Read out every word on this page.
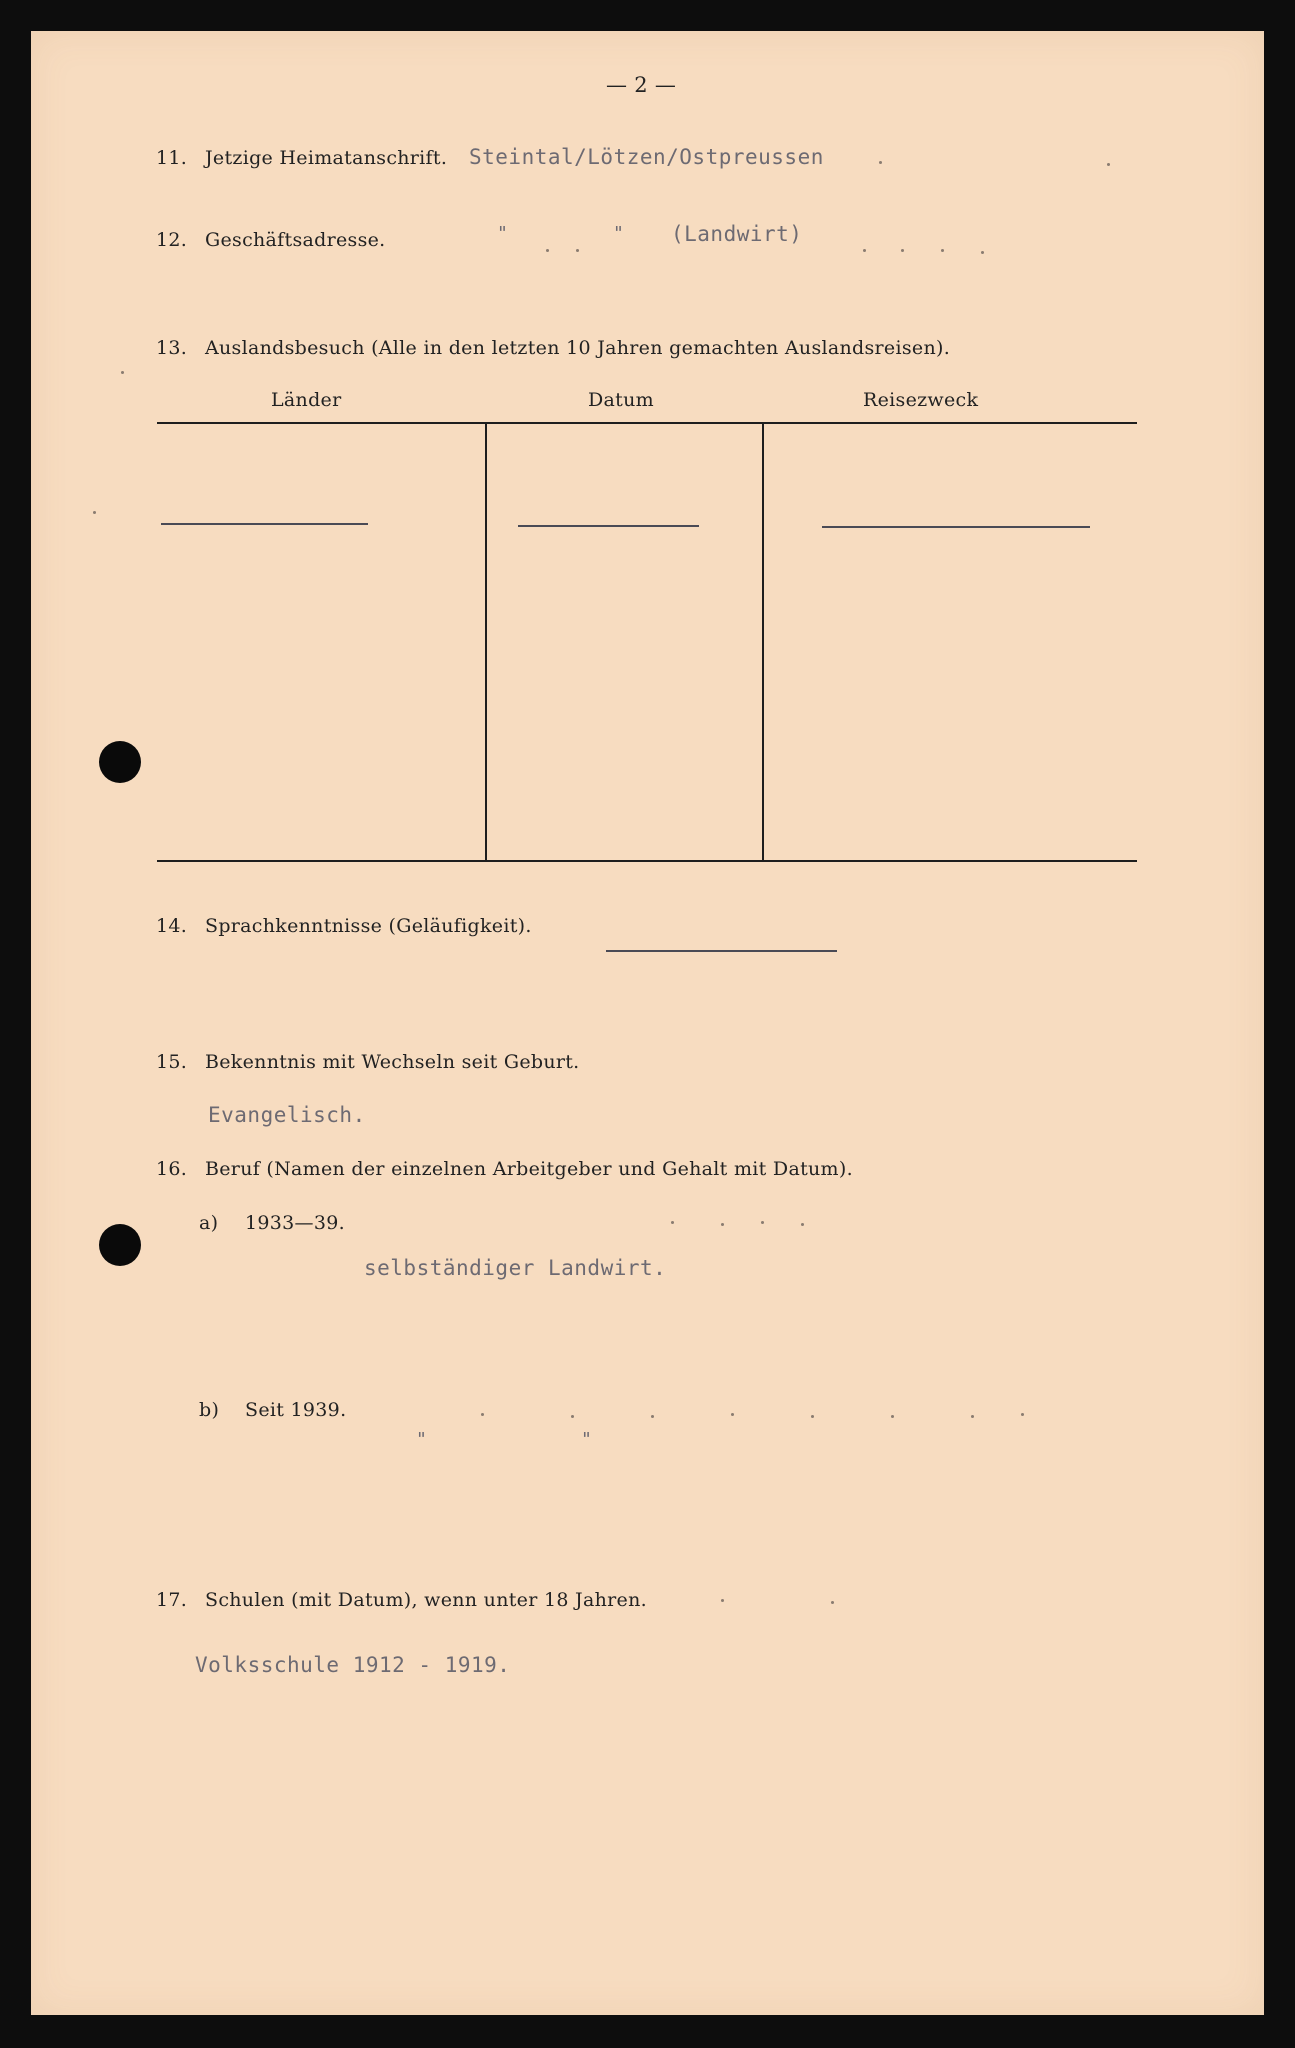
— 2 —
11. Jetzige Heimatanschrift. Steintal/Lötzen/Ostpreussen
12. Geschäftsadresse.	"	" (Landwirt)
13. Auslandsbesuch (Alle in den letzten 10 Jahren gemachten Auslandsreisen).
Länder	Datum	Reisezweck
14. Sprachkenntnisse (Geläufigkeit).
15. Bekenntnis mit Wechseln seit Geburt.
Evangelisch.
16. Beruf (Namen der einzelnen Arbeitgeber und Gehalt mit Datum).
a) 1933—39.
selbständiger Landwirt.
b) Seit 1939.
"	"
17. Schulen (mit Datum), wenn unter 18 Jahren.
Volksschule 1912 - 1919.
